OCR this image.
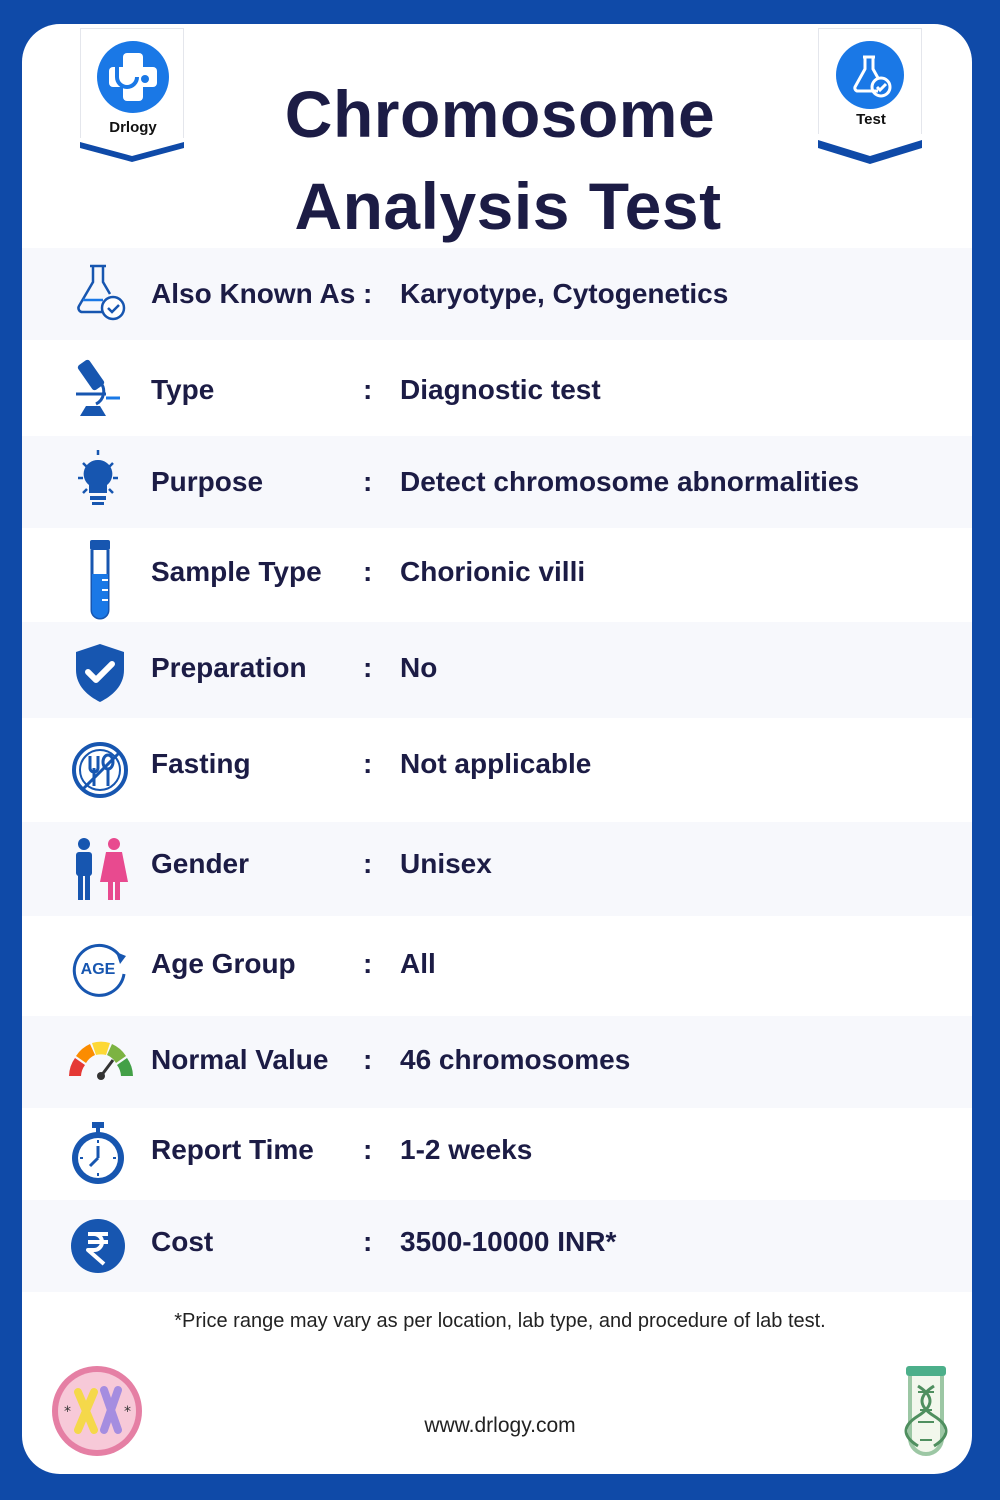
Drlogy	Test
Chromosome
Analysis Test
Also Known As : Karyotype, Cytogenetics
Type	: Diagnostic test
Purpose	: Detect chromosome abnormalities
Sample Type : Chorionic villi
Preparation : No
Fasting	: Not applicable
Gender	: Unisex
AGE Age Group : All
Normal Value : 46 chromosomes
Report Time : 1-2 weeks
Cost	: 3500-10000 INR*
*Price range may vary as per location, lab type, and procedure of lab test.
*	*
www.drlogy.com
